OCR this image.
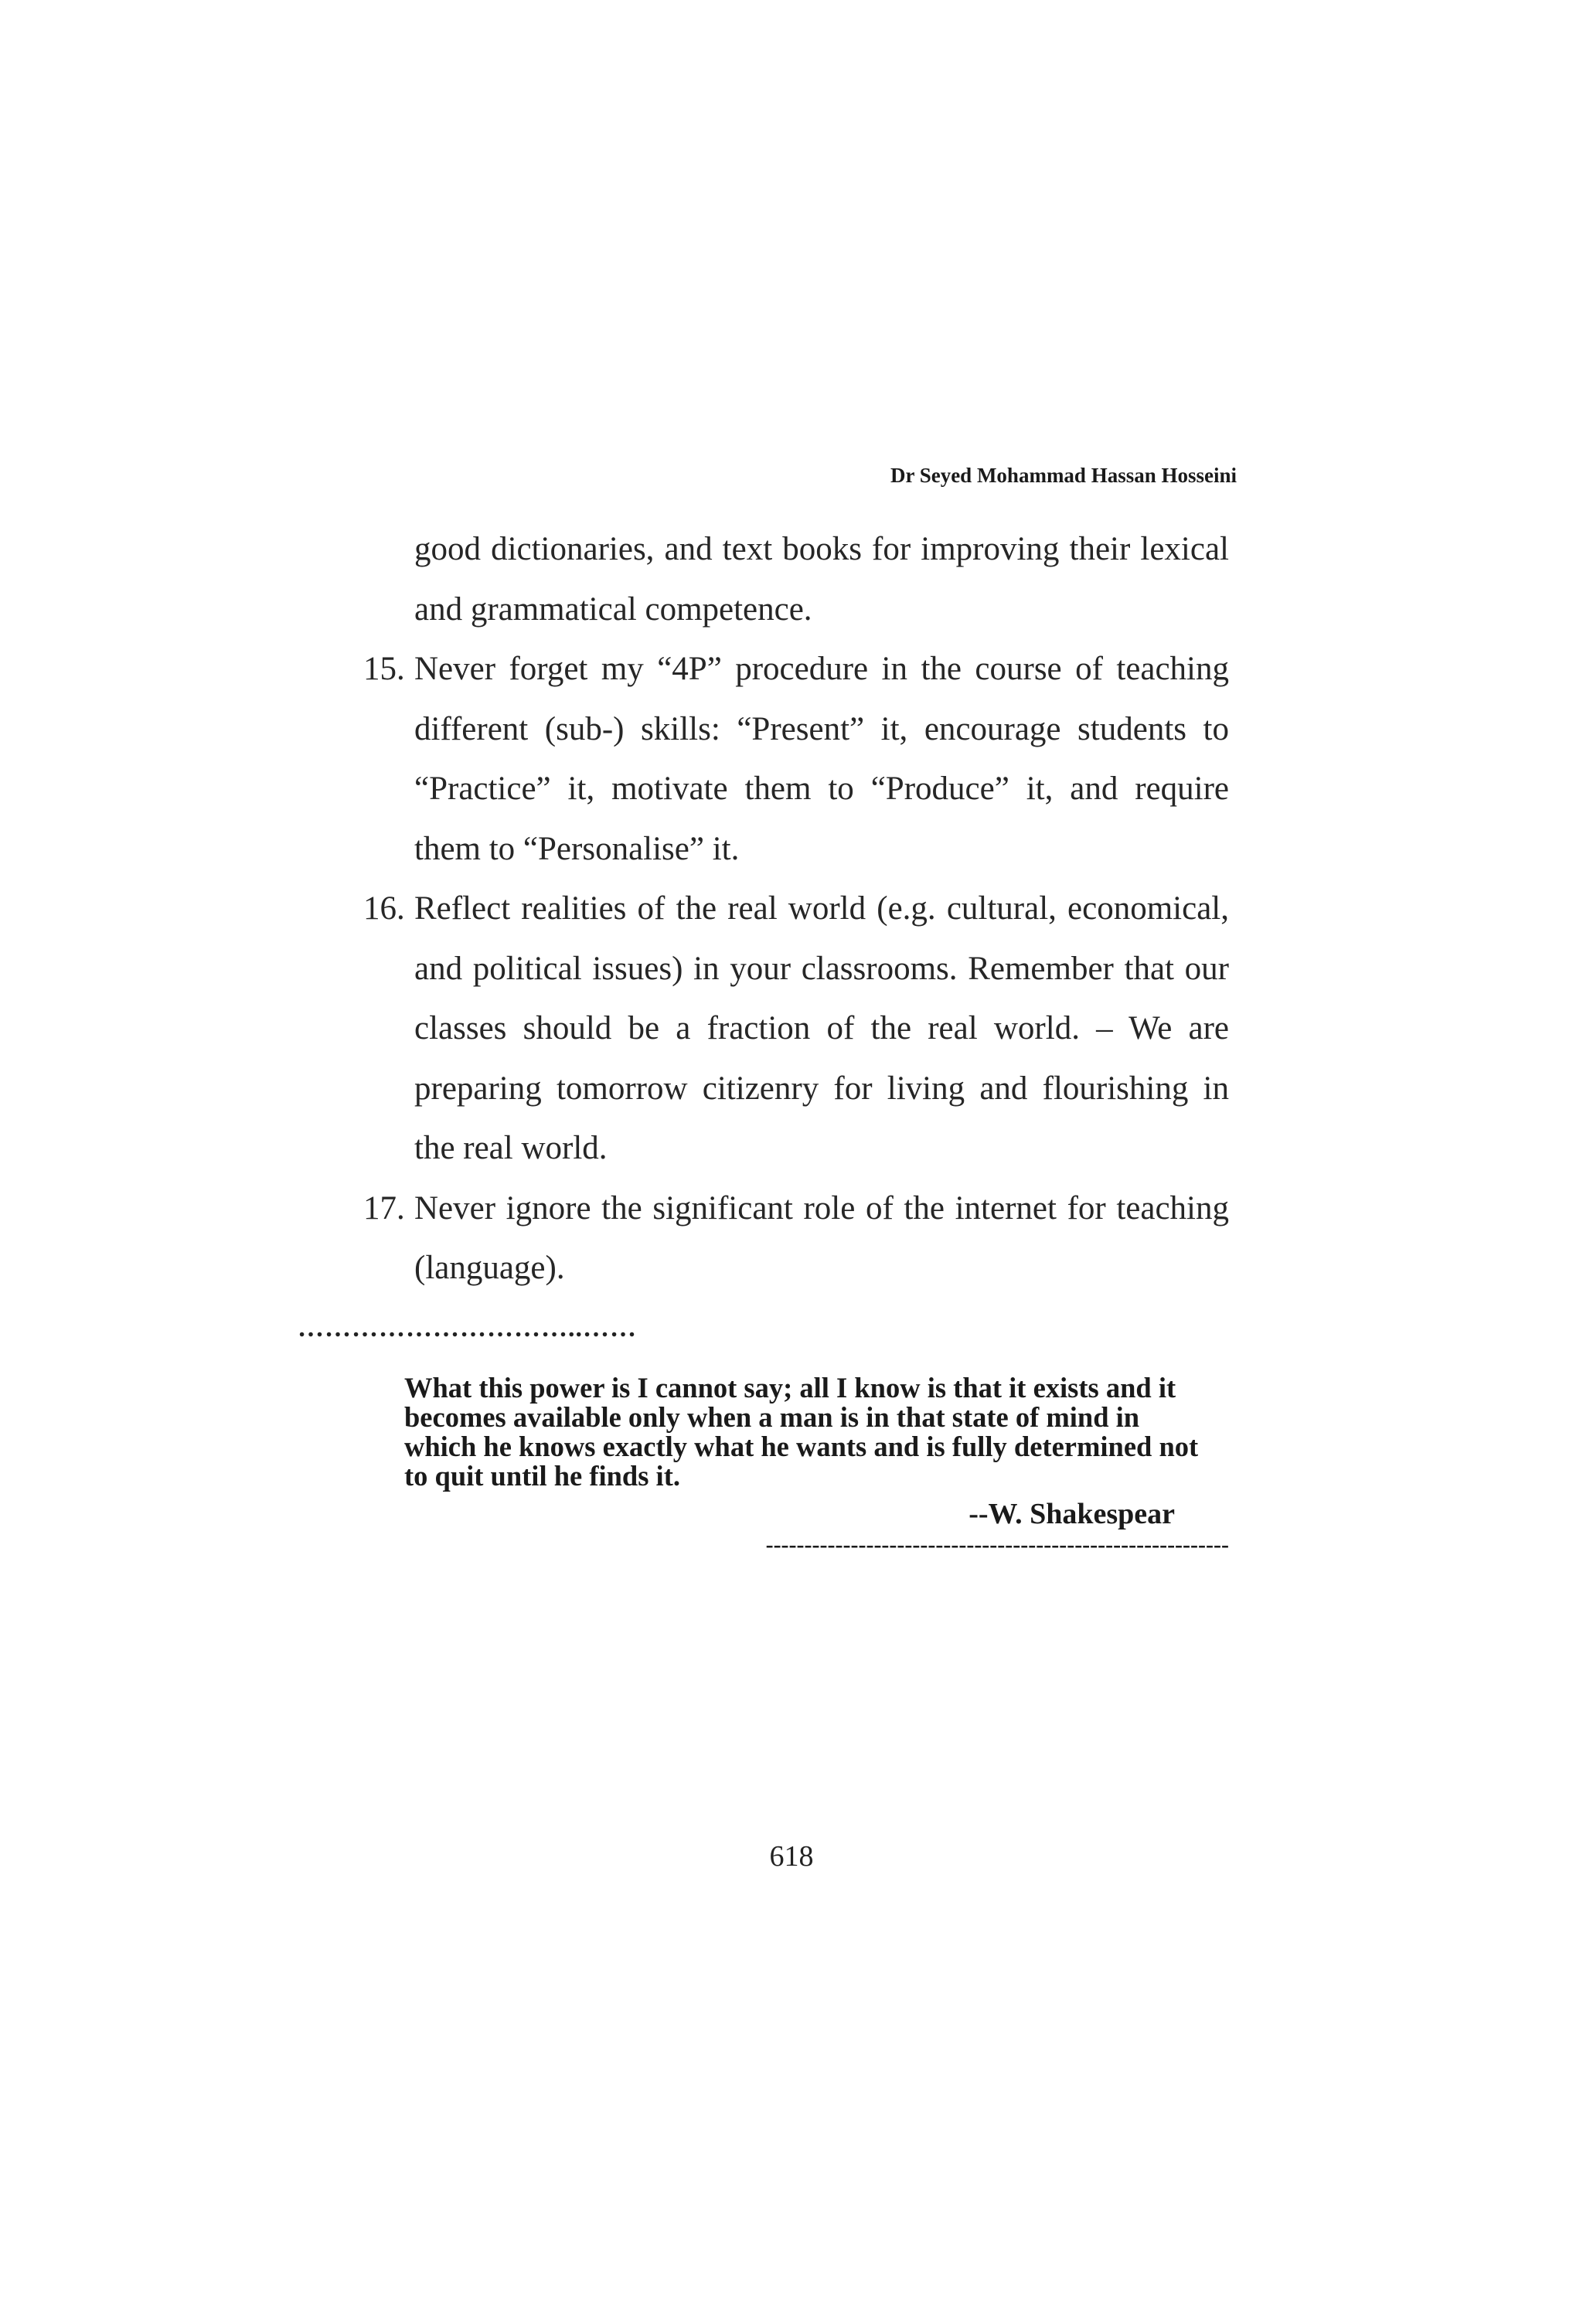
Dr Seyed Mohammad Hassan Hosseini

good dictionaries, and text books for improving their lexical and grammatical competence.

15. Never forget my “4P” procedure in the course of teaching different (sub-) skills: “Present” it, encourage students to “Practice” it, motivate them to “Produce” it, and require them to “Personalise” it.
16. Reflect realities of the real world (e.g. cultural, economical, and political issues) in your classrooms. Remember that our classes should be a fraction of the real world. – We are preparing tomorrow citizenry for living and flourishing in the real world.
17. Never ignore the significant role of the internet for teaching (language).
…………………………..……
What this power is I cannot say; all I know is that it exists and it becomes available only when a man is in that state of mind in which he knows exactly what he wants and is fully determined not to quit until he finds it.
--W. Shakespear
------------------------------------------------------------
618
